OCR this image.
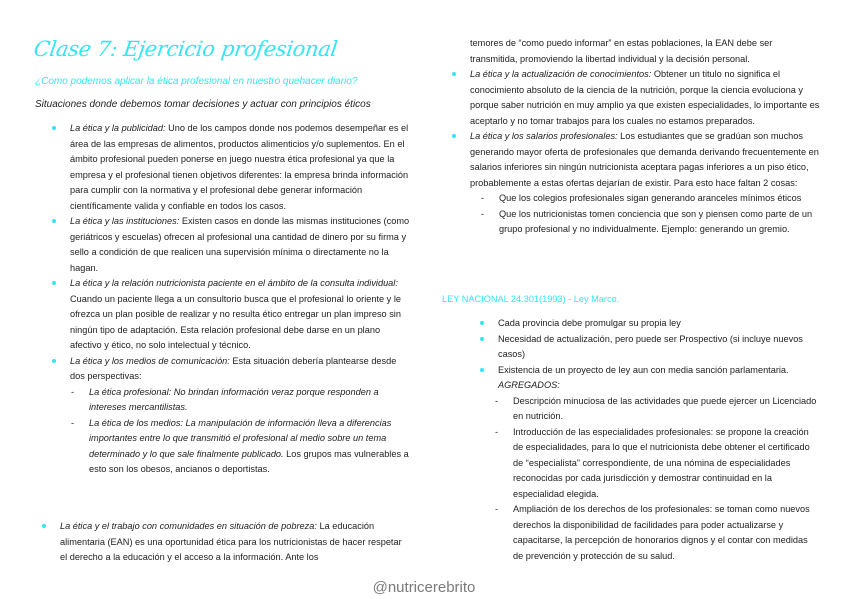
Clase 7: Ejercicio profesional
¿Como podemos aplicar la ética profesional en nuestro quehacer diario?
Situaciones donde debemos tomar decisiones y actuar con principios éticos
La ética y la publicidad: Uno de los campos donde nos podemos desempeñar es el área de las empresas de alimentos, productos alimenticios y/o suplementos. En el ámbito profesional pueden ponerse en juego nuestra ética profesional ya que la empresa y el profesional tienen objetivos diferentes: la empresa brinda información para cumplir con la normativa y el profesional debe generar información científicamente valida y confiable en todos los casos.
La ética y las instituciones: Existen casos en donde las mismas instituciones (como geriátricos y escuelas) ofrecen al profesional una cantidad de dinero por su firma y sello a condición de que realicen una supervisión mínima o directamente no la hagan.
La ética y la relación nutricionista paciente en el ámbito de la consulta individual: Cuando un paciente llega a un consultorio busca que el profesional lo oriente y le ofrezca un plan posible de realizar y no resulta ético entregar un plan impreso sin ningún tipo de adaptación. Esta relación profesional debe darse en un plano afectivo y ético, no solo intelectual y técnico.
La ética y los medios de comunicación: Esta situación debería plantearse desde dos perspectivas:
- La ética profesional: No brindan información veraz porque responden a intereses mercantilistas.
- La ética de los medios: La manipulación de información lleva a diferencias importantes entre lo que transmitió el profesional al medio sobre un tema determinado y lo que sale finalmente publicado. Los grupos mas vulnerables a esto son los obesos, ancianos o deportistas.
La ética y el trabajo con comunidades en situación de pobreza: La educación alimentaria (EAN) es una oportunidad ética para los nutricionistas de hacer respetar el derecho a la educación y el acceso a la información. Ante los
temores de “como puedo informar” en estas poblaciones, la EAN debe ser transmitida, promoviendo la libertad individual y la decisión personal.
La ética y la actualización de conocimientos: Obtener un titulo no significa el conocimiento absoluto de la ciencia de la nutrición, porque la ciencia evoluciona y porque saber nutrición en muy amplio ya que existen especialidades, lo importante es aceptarlo y no tomar trabajos para los cuales no estamos preparados.
La ética y los salarios profesionales: Los estudiantes que se gradúan son muchos generando mayor oferta de profesionales que demanda derivando frecuentemente en salarios inferiores sin ningún nutricionista aceptara pagas inferiores a un piso ético, probablemente a estas ofertas dejarían de existir. Para esto hace faltan 2 cosas:
- Que los colegios profesionales sigan generando aranceles mínimos éticos
- Que los nutricionistas tomen conciencia que son y piensen como parte de un grupo profesional y no individualmente. Ejemplo: generando un gremio.
LEY NACIONAL 24.301(1993) - Ley Marco.
Cada provincia debe promulgar su propia ley
Necesidad de actualización, pero puede ser Prospectivo (si incluye nuevos casos)
Existencia de un proyecto de ley aun con media sanción parlamentaria. AGREGADOS:
- Descripción minuciosa de las actividades que puede ejercer un Licenciado en nutrición.
- Introducción de las especialidades profesionales: se propone la creación de especialidades, para lo que el nutricionista debe obtener el certificado de “especialista” correspondiente, de una nómina de especialidades reconocidas por cada jurisdicción y demostrar continuidad en la especialidad elegida.
- Ampliación de los derechos de los profesionales: se toman como nuevos derechos la disponibilidad de facilidades para poder actualizarse y capacitarse, la percepción de honorarios dignos y el contar con medidas de prevención y protección de su salud.
@nutricerebrito
